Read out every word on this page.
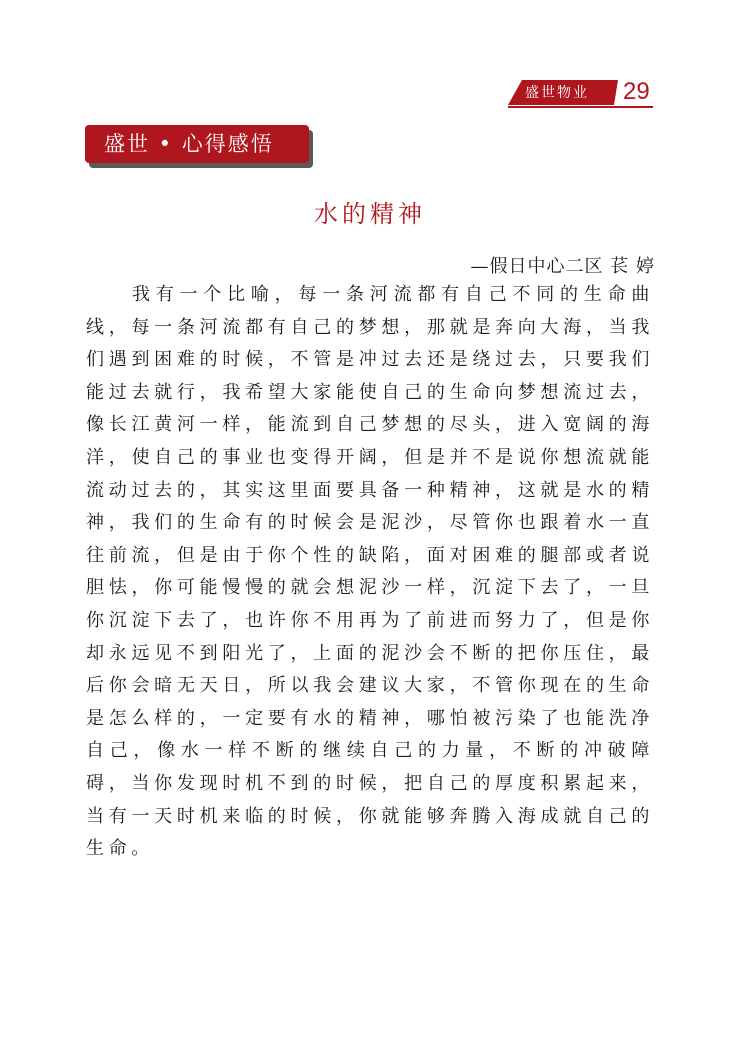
盛世物业	29
盛世 • 心得感悟
水的精神
—假日中心二区 苌 婷

我有一个比喻，每一条河流都有自己不同的生命曲线，每一条河流都有自己的梦想，那就是奔向大海，当我们遇到困难的时候，不管是冲过去还是绕过去，只要我们能过去就行，我希望大家能使自己的生命向梦想流过去，像长江黄河一样，能流到自己梦想的尽头，进入宽阔的海洋，使自己的事业也变得开阔，但是并不是说你想流就能流动过去的，其实这里面要具备一种精神，这就是水的精神，我们的生命有的时候会是泥沙，尽管你也跟着水一直往前流，但是由于你个性的缺陷，面对困难的腿部或者说胆怯，你可能慢慢的就会想泥沙一样，沉淀下去了，一旦你沉淀下去了，也许你不用再为了前进而努力了，但是你却永远见不到阳光了，上面的泥沙会不断的把你压住，最后你会暗无天日，所以我会建议大家，不管你现在的生命是怎么样的，一定要有水的精神，哪怕被污染了也能洗净自己，像水一样不断的继续自己的力量，不断的冲破障碍，当你发现时机不到的时候，把自己的厚度积累起来，当有一天时机来临的时候，你就能够奔腾入海成就自己的生命。
